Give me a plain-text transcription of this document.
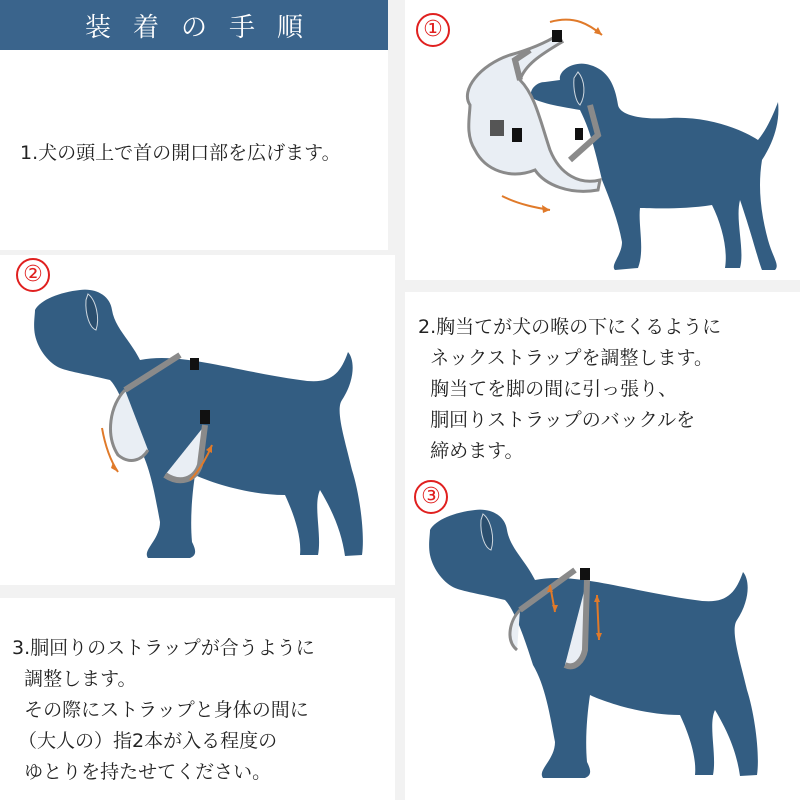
装着の手順
1.犬の頭上で首の開口部を広げます。
2.胸当てが犬の喉の下にくるように
ネックストラップを調整します。
胸当てを脚の間に引っ張り、
胴回りストラップのバックルを
締めます。
3.胴回りのストラップが合うように
調整します。
その際にストラップと身体の間に
（大人の）指2本が入る程度の
ゆとりを持たせてください。
①
②
③
